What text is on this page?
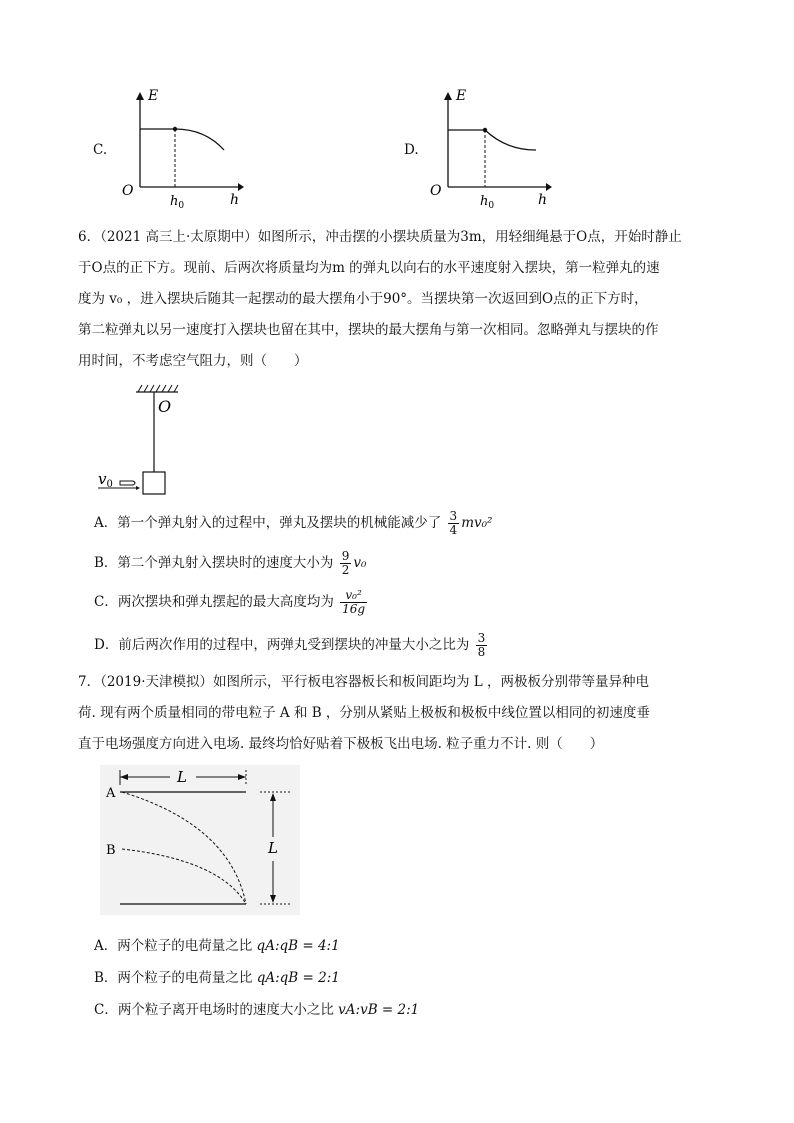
C.
E
h
O
$h_0$
D.
E
h
O
$h_0$
6．（2021 高三上·太原期中）如图所示，冲击摆的小摆块质量为3m，用轻细绳悬于O点，开始时静止
于O点的正下方。现前、后两次将质量均为m 的弹丸以向右的水平速度射入摆块，第一粒弹丸的速
度为 v₀ ，进入摆块后随其一起摆动的最大摆角小于90°。当摆块第一次返回到O点的正下方时，
第二粒弹丸以另一速度打入摆块也留在其中，摆块的最大摆角与第一次相同。忽略弹丸与摆块的作
用时间，不考虑空气阻力，则（　　）
O
$v_0$
A．第一个弹丸射入的过程中，弹丸及摆块的机械能减少了 $\frac{3}{4} mv_0^2$
B．第二个弹丸射入摆块时的速度大小为 $\frac{9}{2} v_0$
C．两次摆块和弹丸摆起的最大高度均为 $\frac{\text{v₀²}}{16g}$
D．前后两次作用的过程中，两弹丸受到摆块的冲量大小之比为 $\frac{3}{8}$
7．（2019·天津模拟）如图所示，平行板电容器板长和板间距均为 L ，两极板分别带等量异种电
荷. 现有两个质量相同的带电粒子 A 和 B ，分别从紧贴上极板和极板中线位置以相同的初速度垂
直于电场强度方向进入电场. 最终均恰好贴着下极板飞出电场. 粒子重力不计. 则（　　）
L
A
B	L
A．两个粒子的电荷量之比 qA:qB = 4:1
B．两个粒子的电荷量之比 qA:qB = 2:1
C．两个粒子离开电场时的速度大小之比 vA:vB = 2:1
